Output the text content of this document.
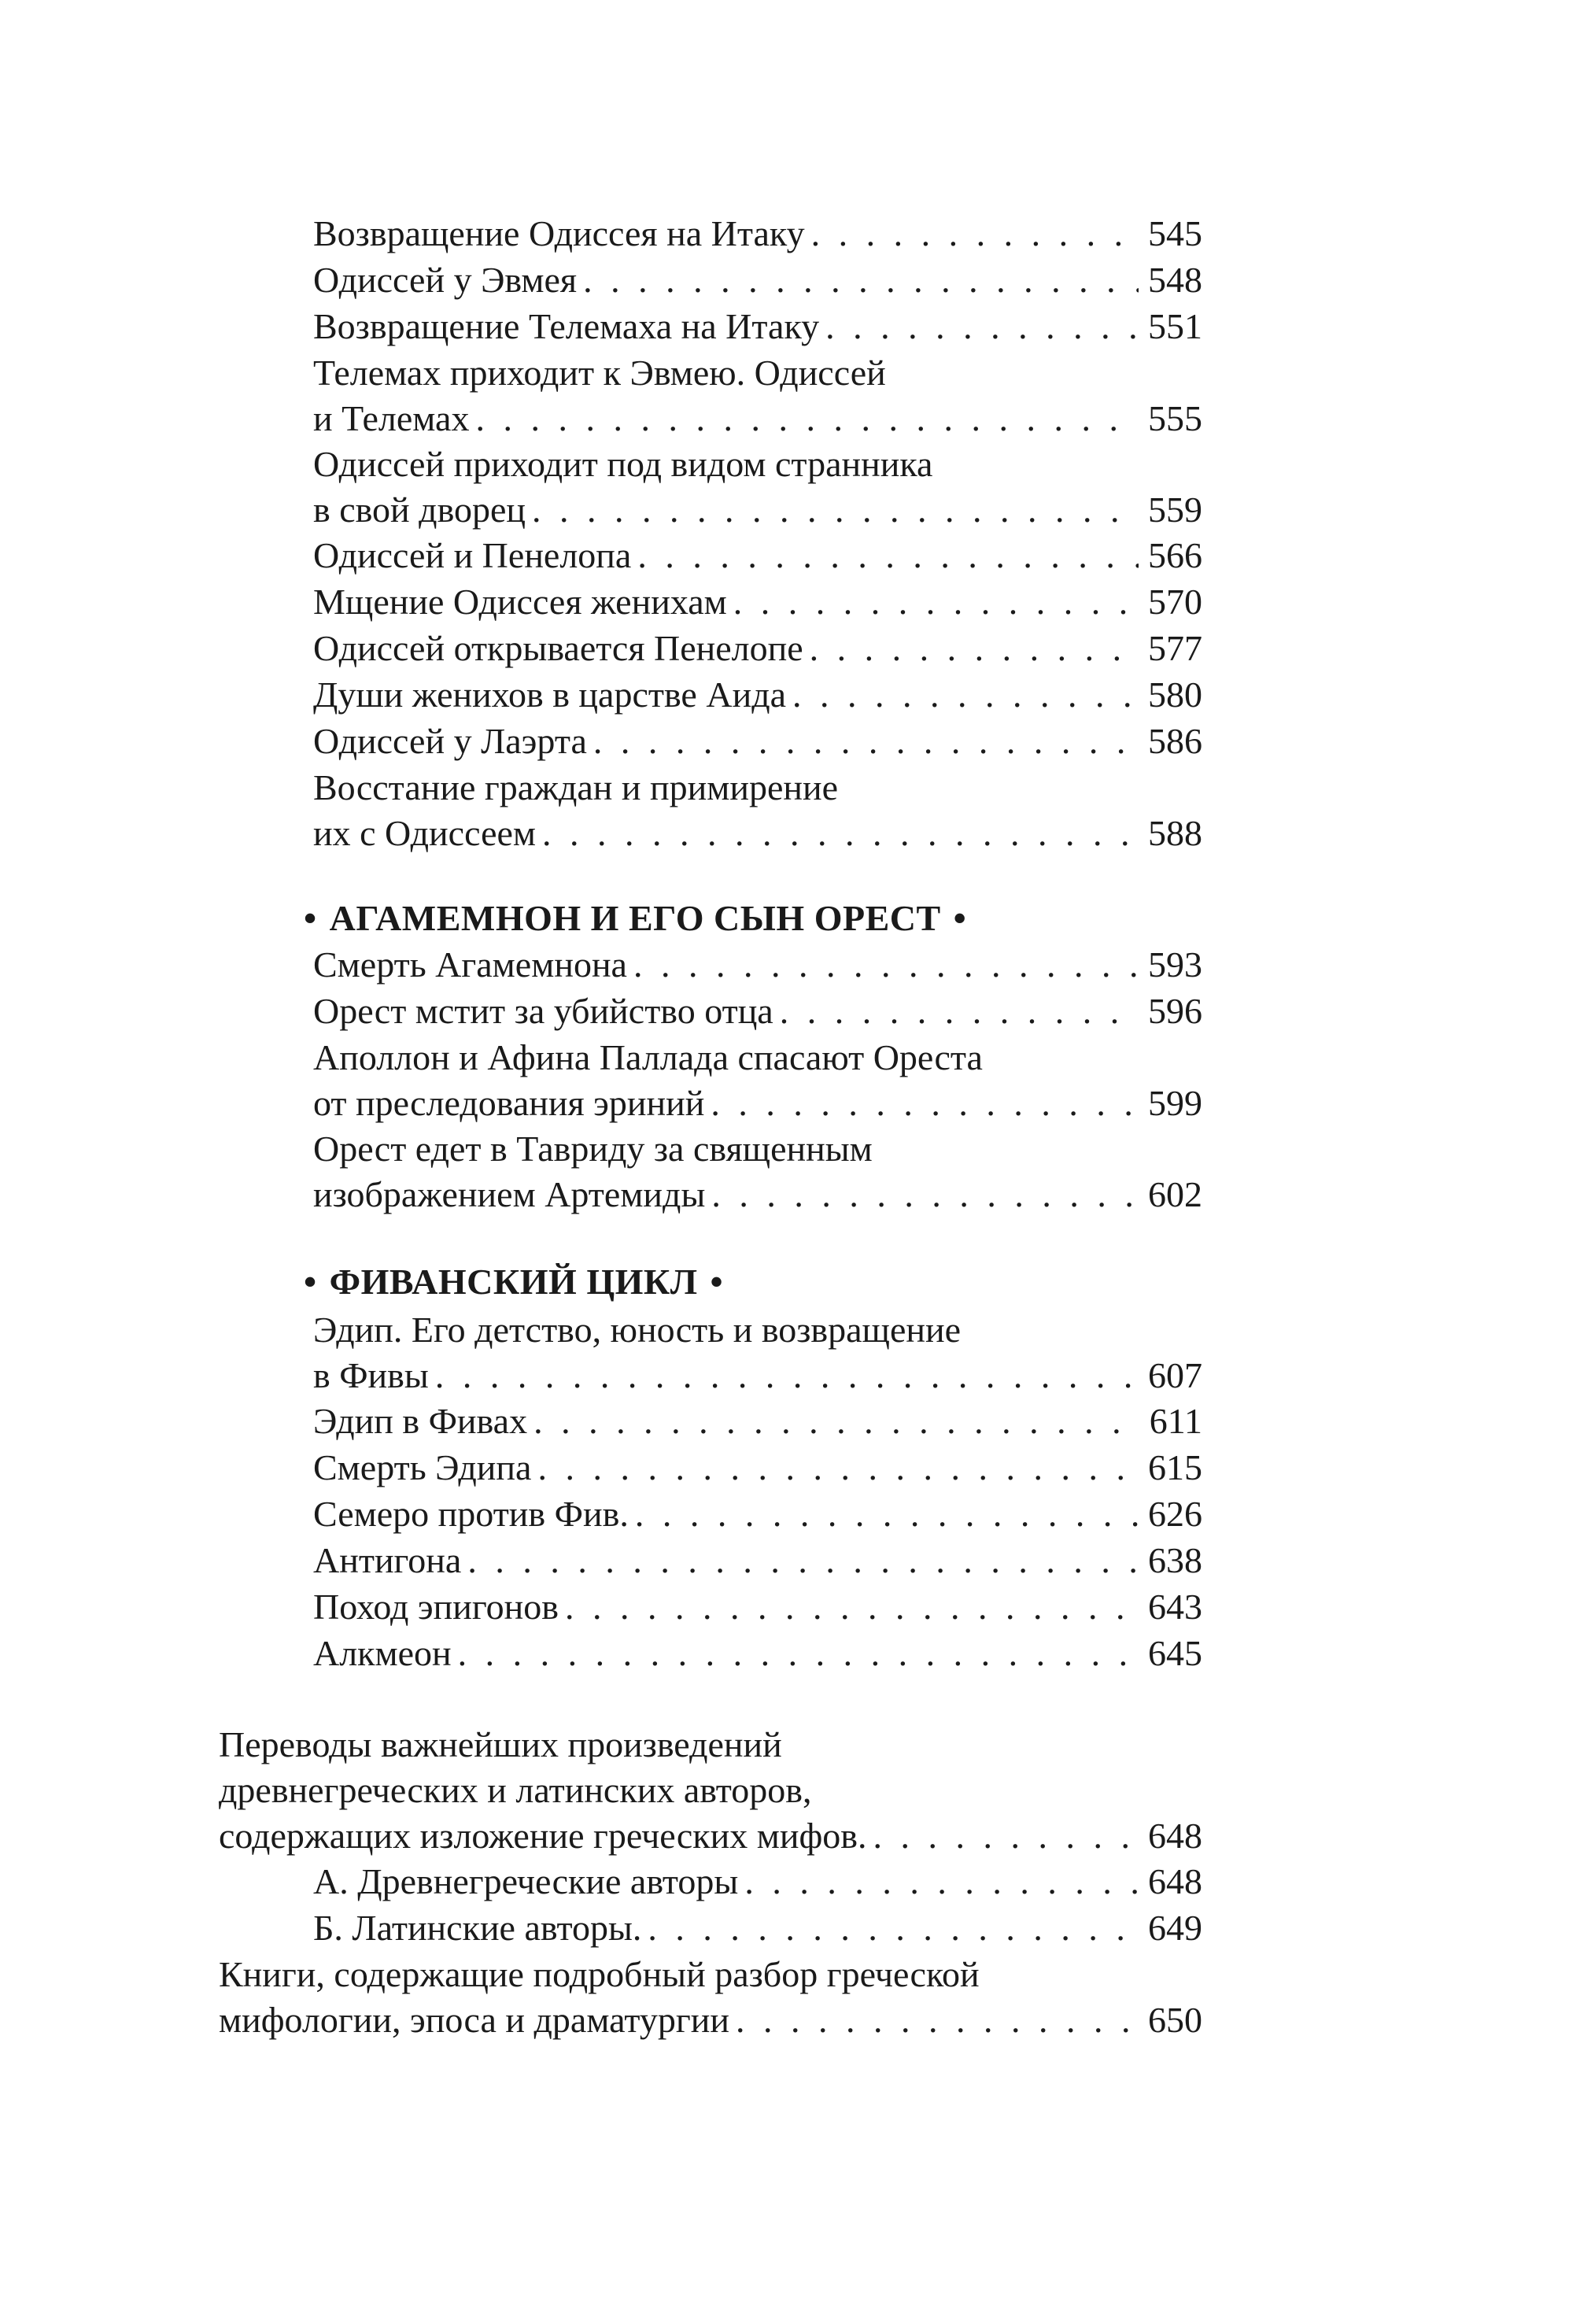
Возвращение Одиссея на Итаку . . .	545
Одиссей у Эвмея . . .	548
Возвращение Телемаха на Итаку . . .	551
Телемах приходит к Эвмею. Одиссей
и Телемах . . .	555
Одиссей приходит под видом странника
в свой дворец . . .	559
Одиссей и Пенелопа . . .	566
Мщение Одиссея женихам . . .	570
Одиссей открывается Пенелопе . . .	577
Души женихов в царстве Аида . . .	580
Одиссей у Лаэрта . . .	586
Восстание граждан и примирение
их с Одиссеем . . .	588
• АГАМЕМНОН И ЕГО СЫН ОРЕСТ •
Смерть Агамемнона . . .	593
Орест мстит за убийство отца . . .	596
Аполлон и Афина Паллада спасают Ореста
от преследования эриний . . .	599
Орест едет в Тавриду за священным
изображением Артемиды . . .	602
• ФИВАНСКИЙ ЦИКЛ •
Эдип. Его детство, юность и возвращение
в Фивы . . .	607
Эдип в Фивах . . .	611
Смерть Эдипа . . .	615
Семеро против Фив. . . .	626
Антигона . . .	638
Поход эпигонов . . .	643
Алкмеон . . .	645
Переводы важнейших произведений
древнегреческих и латинских авторов,
содержащих изложение греческих мифов. . . .	648
А. Древнегреческие авторы . . .	648
Б. Латинские авторы. . . .	649
Книги, содержащие подробный разбор греческой
мифологии, эпоса и драматургии . . .	650
